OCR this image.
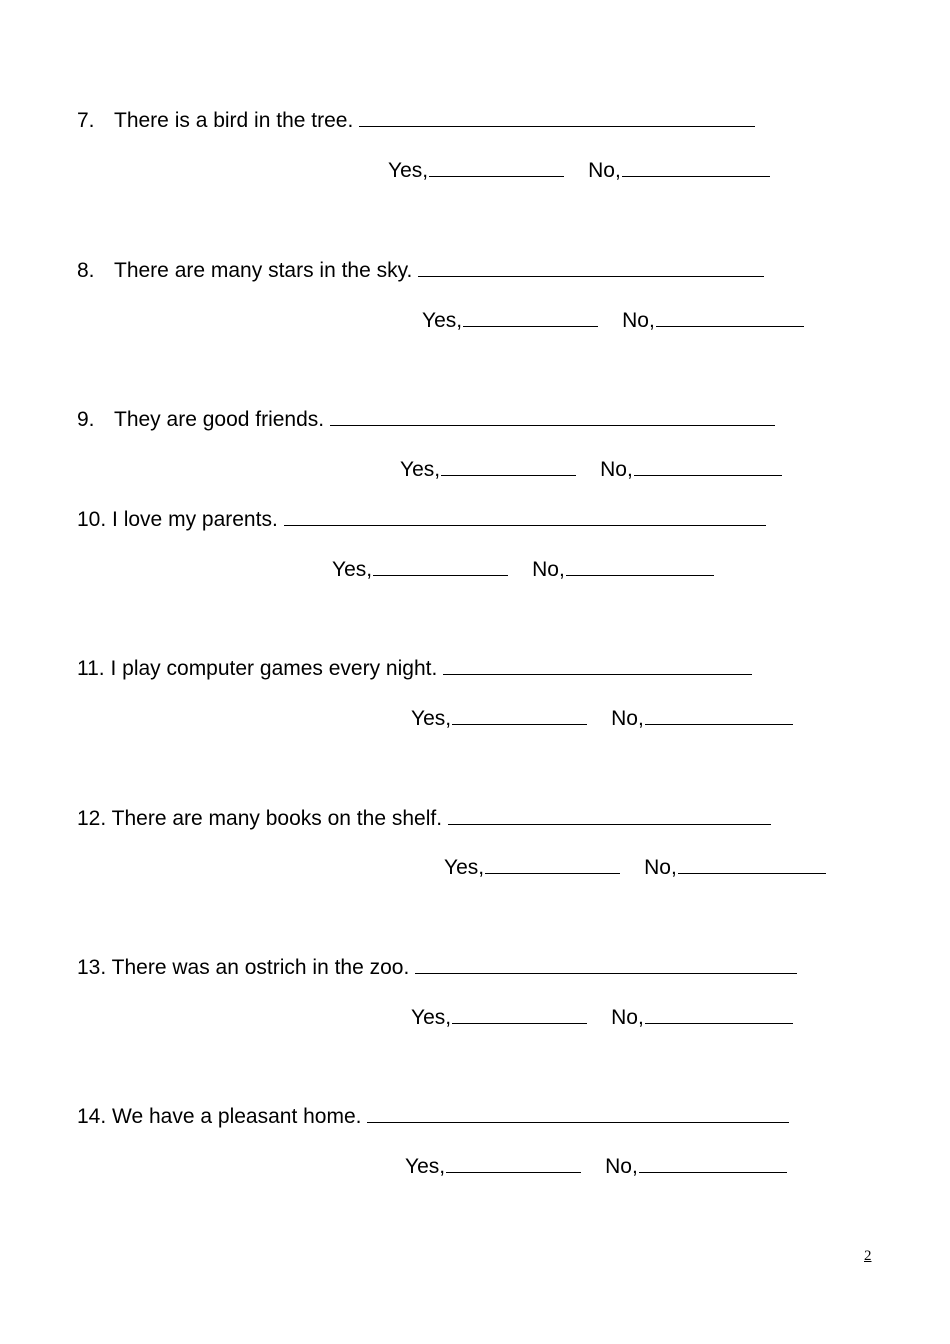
7. There is a bird in the tree.
Yes,	No,
8. There are many stars in the sky.
Yes,	No,
9. They are good friends.
Yes,	No,
10. I love my parents.
Yes,	No,
11. I play computer games every night.
Yes,	No,
12. There are many books on the shelf.
Yes,	No,
13. There was an ostrich in the zoo.
Yes,	No,
14. We have a pleasant home.
Yes,	No,
2
